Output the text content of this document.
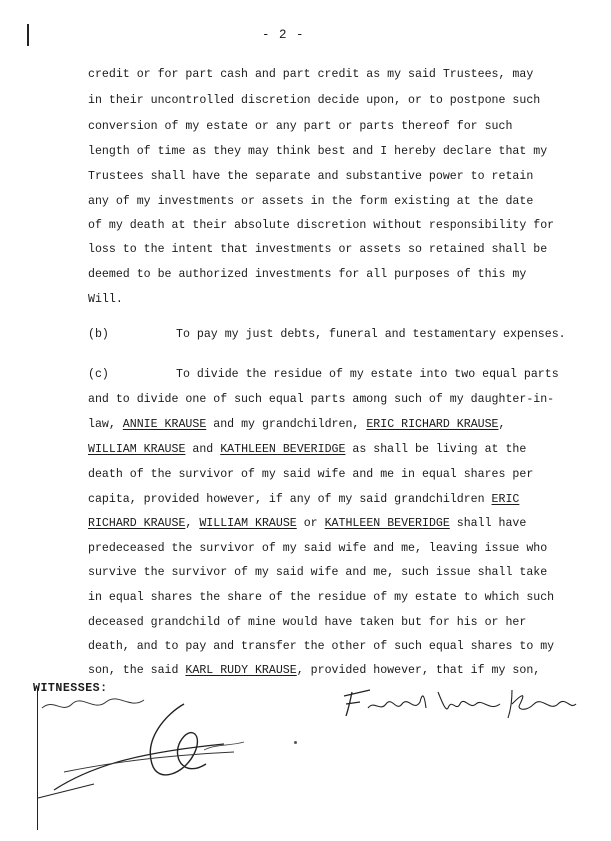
- 2 -
credit or for part cash and part credit as my said Trustees, may
in their uncontrolled discretion decide upon, or to postpone such
conversion of my estate or any part or parts thereof for such
length of time as they may think best and I hereby declare that my
Trustees shall have the separate and substantive power to retain
any of my investments or assets in the form existing at the date
of my death at their absolute discretion without responsibility for
loss to the intent that investments or assets so retained shall be
deemed to be authorized investments for all purposes of this my
Will.
(b)	To pay my just debts, funeral and testamentary expenses.
(c)	To divide the residue of my estate into two equal parts
and to divide one of such equal parts among such of my daughter-in-
law, ANNIE KRAUSE and my grandchildren, ERIC RICHARD KRAUSE,
WILLIAM KRAUSE and KATHLEEN BEVERIDGE as shall be living at the
death of the survivor of my said wife and me in equal shares per
capita, provided however, if any of my said grandchildren ERIC
RICHARD KRAUSE, WILLIAM KRAUSE or KATHLEEN BEVERIDGE shall have
predeceased the survivor of my said wife and me, leaving issue who
survive the survivor of my said wife and me, such issue shall take
in equal shares the share of the residue of my estate to which such
deceased grandchild of mine would have taken but for his or her
death, and to pay and transfer the other of such equal shares to my
son, the said KARL RUDY KRAUSE, provided however, that if my son,
WITNESSES:
